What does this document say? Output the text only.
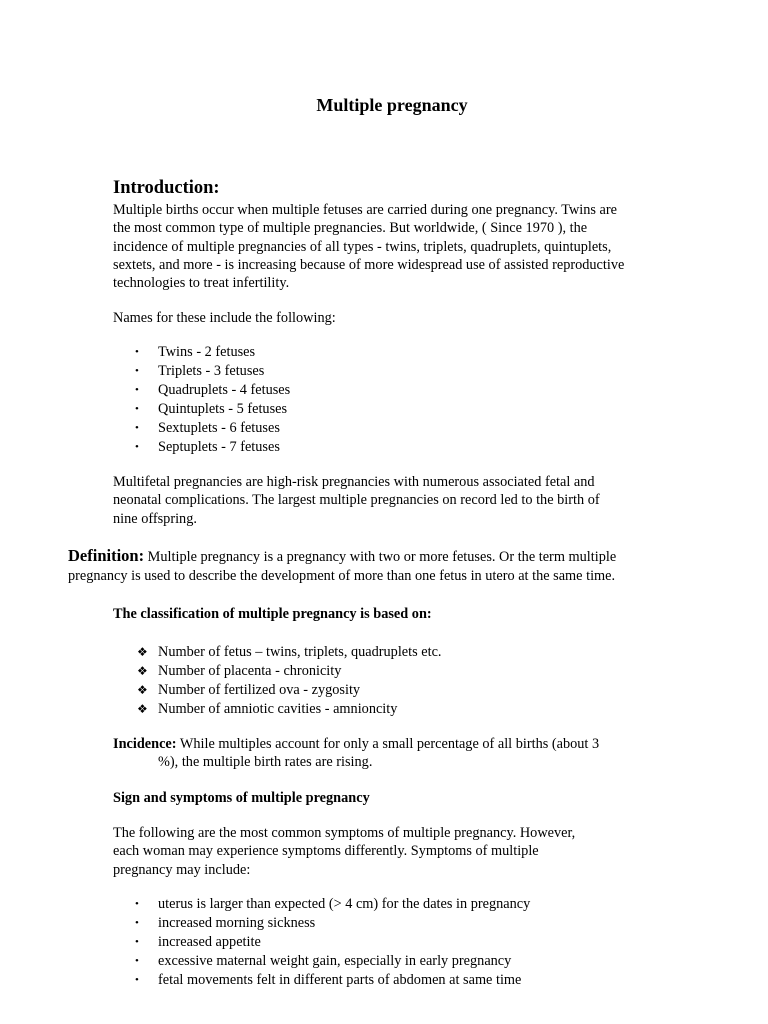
Multiple pregnancy
Introduction:

Multiple births occur when multiple fetuses are carried during one pregnancy. Twins are
the most common type of multiple pregnancies. But worldwide, ( Since 1970 ), the
incidence of multiple pregnancies of all types - twins, triplets, quadruplets, quintuplets,
sextets, and more - is increasing because of more widespread use of assisted reproductive
technologies to treat infertility.

Names for these include the following:

• Twins - 2 fetuses
• Triplets - 3 fetuses
• Quadruplets - 4 fetuses
• Quintuplets - 5 fetuses
• Sextuplets - 6 fetuses
• Septuplets - 7 fetuses

Multifetal pregnancies are high-risk pregnancies with numerous associated fetal and
neonatal complications. The largest multiple pregnancies on record led to the birth of
nine offspring.

Definition: Multiple pregnancy is a pregnancy with two or more fetuses. Or the term multiple
pregnancy is used to describe the development of more than one fetus in utero at the same time.

The classification of multiple pregnancy is based on:

❖ Number of fetus – twins, triplets, quadruplets etc.
❖ Number of placenta - chronicity
❖ Number of fertilized ova - zygosity
❖ Number of amniotic cavities - amnioncity

Incidence: While multiples account for only a small percentage of all births (about 3
%), the multiple birth rates are rising.

Sign and symptoms of multiple pregnancy

The following are the most common symptoms of multiple pregnancy. However,
each woman may experience symptoms differently. Symptoms of multiple
pregnancy may include:

• uterus is larger than expected (> 4 cm) for the dates in pregnancy
• increased morning sickness
• increased appetite
• excessive maternal weight gain, especially in early pregnancy
• fetal movements felt in different parts of abdomen at same time
